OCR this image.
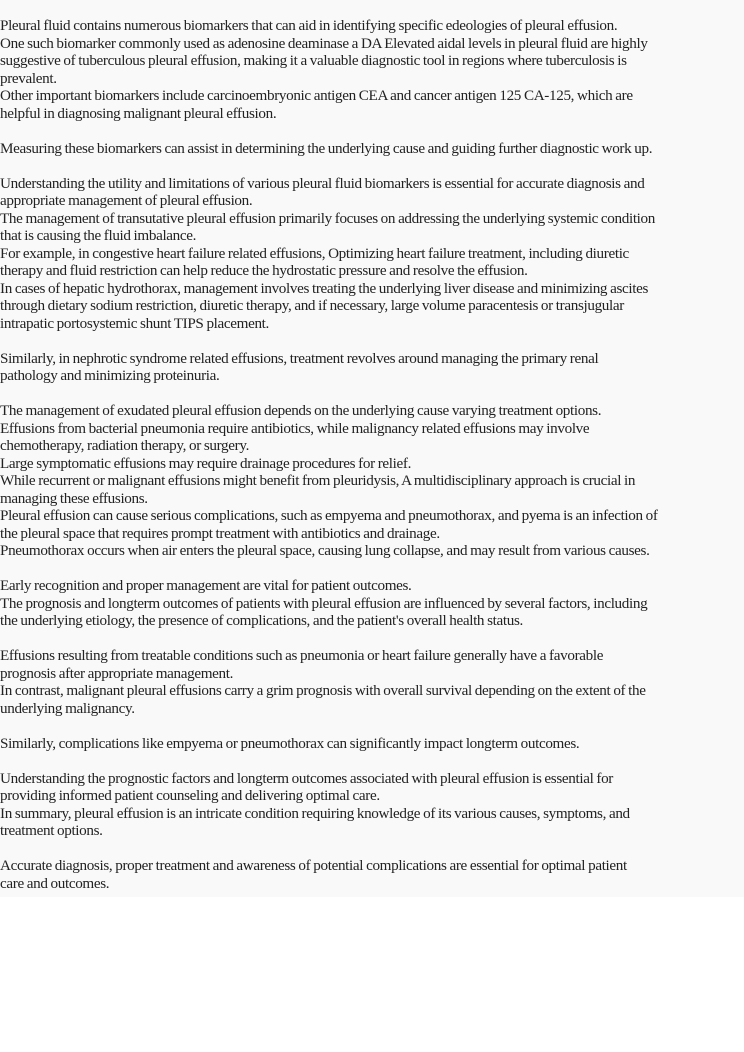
Pleural fluid contains numerous biomarkers that can aid in identifying specific edeologies of pleural effusion.
One such biomarker commonly used as adenosine deaminase a DA Elevated aidal levels in pleural fluid are highly
suggestive of tuberculous pleural effusion, making it a valuable diagnostic tool in regions where tuberculosis is
prevalent.
Other important biomarkers include carcinoembryonic antigen CEA and cancer antigen 125 CA-125, which are
helpful in diagnosing malignant pleural effusion.
Measuring these biomarkers can assist in determining the underlying cause and guiding further diagnostic work up.
Understanding the utility and limitations of various pleural fluid biomarkers is essential for accurate diagnosis and
appropriate management of pleural effusion.
The management of transutative pleural effusion primarily focuses on addressing the underlying systemic condition
that is causing the fluid imbalance.
For example, in congestive heart failure related effusions, Optimizing heart failure treatment, including diuretic
therapy and fluid restriction can help reduce the hydrostatic pressure and resolve the effusion.
In cases of hepatic hydrothorax, management involves treating the underlying liver disease and minimizing ascites
through dietary sodium restriction, diuretic therapy, and if necessary, large volume paracentesis or transjugular
intrapatic portosystemic shunt TIPS placement.
Similarly, in nephrotic syndrome related effusions, treatment revolves around managing the primary renal
pathology and minimizing proteinuria.
The management of exudated pleural effusion depends on the underlying cause varying treatment options.
Effusions from bacterial pneumonia require antibiotics, while malignancy related effusions may involve
chemotherapy, radiation therapy, or surgery.
Large symptomatic effusions may require drainage procedures for relief.
While recurrent or malignant effusions might benefit from pleuridysis, A multidisciplinary approach is crucial in
managing these effusions.
Pleural effusion can cause serious complications, such as empyema and pneumothorax, and pyema is an infection of
the pleural space that requires prompt treatment with antibiotics and drainage.
Pneumothorax occurs when air enters the pleural space, causing lung collapse, and may result from various causes.
Early recognition and proper management are vital for patient outcomes.
The prognosis and longterm outcomes of patients with pleural effusion are influenced by several factors, including
the underlying etiology, the presence of complications, and the patient's overall health status.
Effusions resulting from treatable conditions such as pneumonia or heart failure generally have a favorable
prognosis after appropriate management.
In contrast, malignant pleural effusions carry a grim prognosis with overall survival depending on the extent of the
underlying malignancy.
Similarly, complications like empyema or pneumothorax can significantly impact longterm outcomes.
Understanding the prognostic factors and longterm outcomes associated with pleural effusion is essential for
providing informed patient counseling and delivering optimal care.
In summary, pleural effusion is an intricate condition requiring knowledge of its various causes, symptoms, and
treatment options.
Accurate diagnosis, proper treatment and awareness of potential complications are essential for optimal patient
care and outcomes.
